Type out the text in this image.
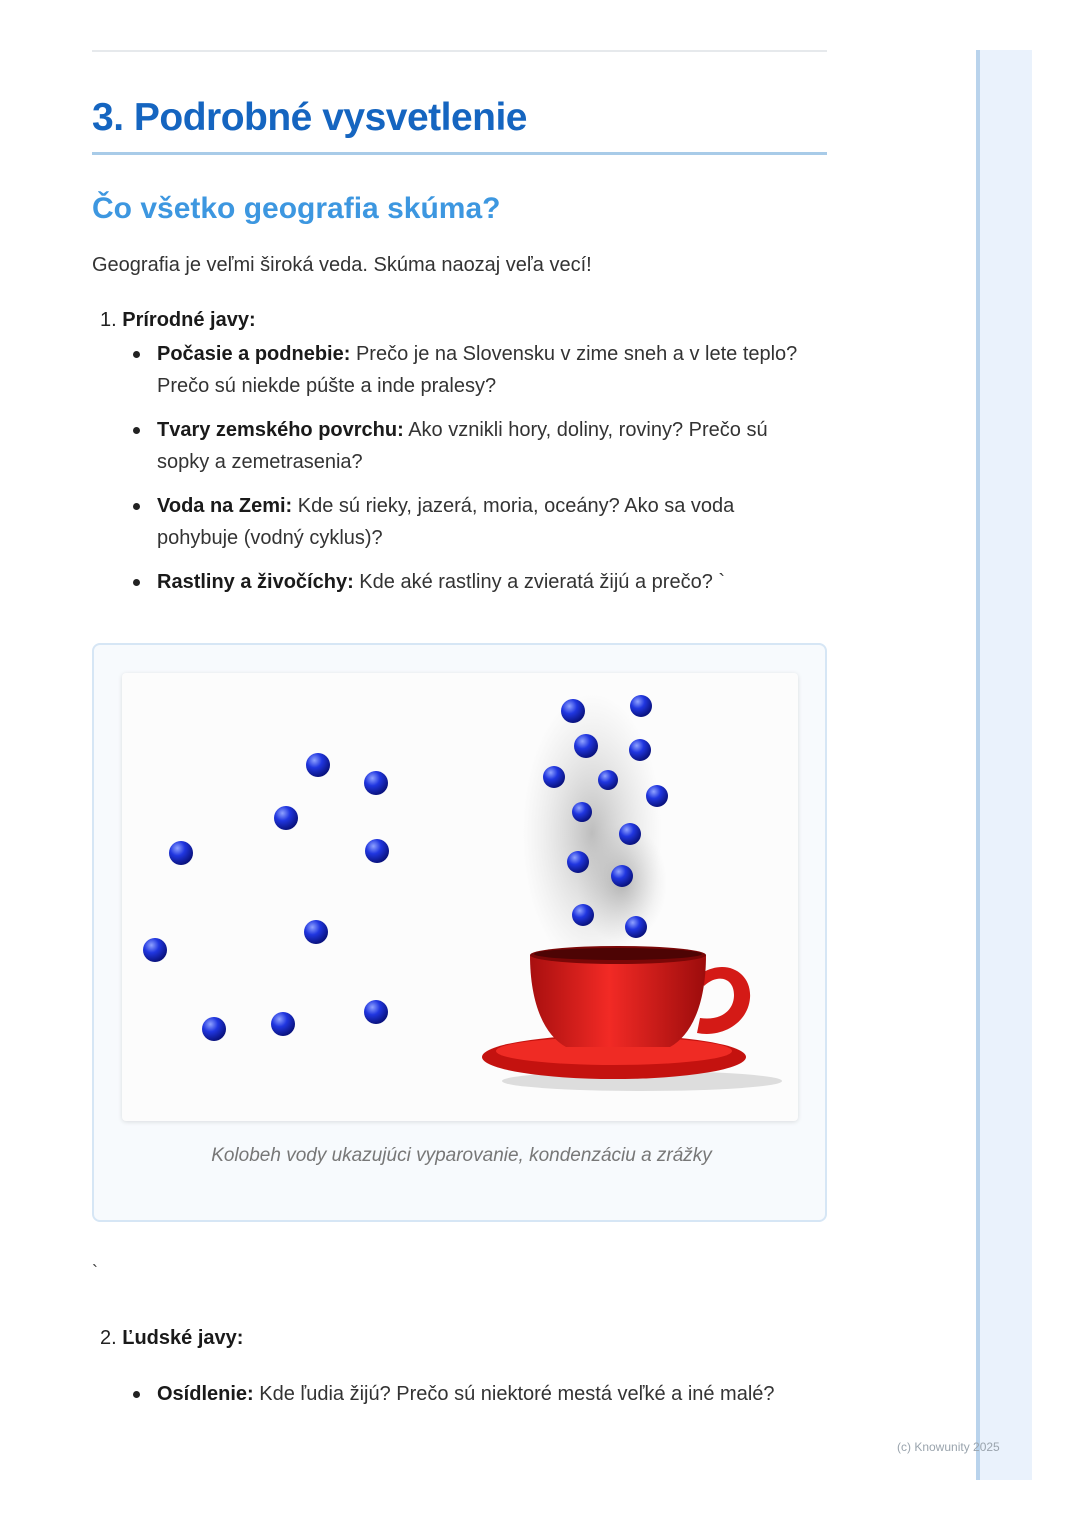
3. Podrobné vysvetlenie
Čo všetko geografia skúma?

Geografia je veľmi široká veda. Skúma naozaj veľa vecí!

1. Prírodné javy:
Počasie a podnebie: Prečo je na Slovensku v zime sneh a v lete teplo? Prečo sú niekde púšte a inde pralesy?
Tvary zemského povrchu: Ako vznikli hory, doliny, roviny? Prečo sú sopky a zemetrasenia?
Voda na Zemi: Kde sú rieky, jazerá, moria, oceány? Ako sa voda pohybuje (vodný cyklus)?
Rastliny a živočíchy: Kde aké rastliny a zvieratá žijú a prečo? `
Kolobeh vody ukazujúci vyparovanie, kondenzáciu a zrážky
`
2. Ľudské javy:
Osídlenie: Kde ľudia žijú? Prečo sú niektoré mestá veľké a iné malé?
(c) Knowunity 2025
